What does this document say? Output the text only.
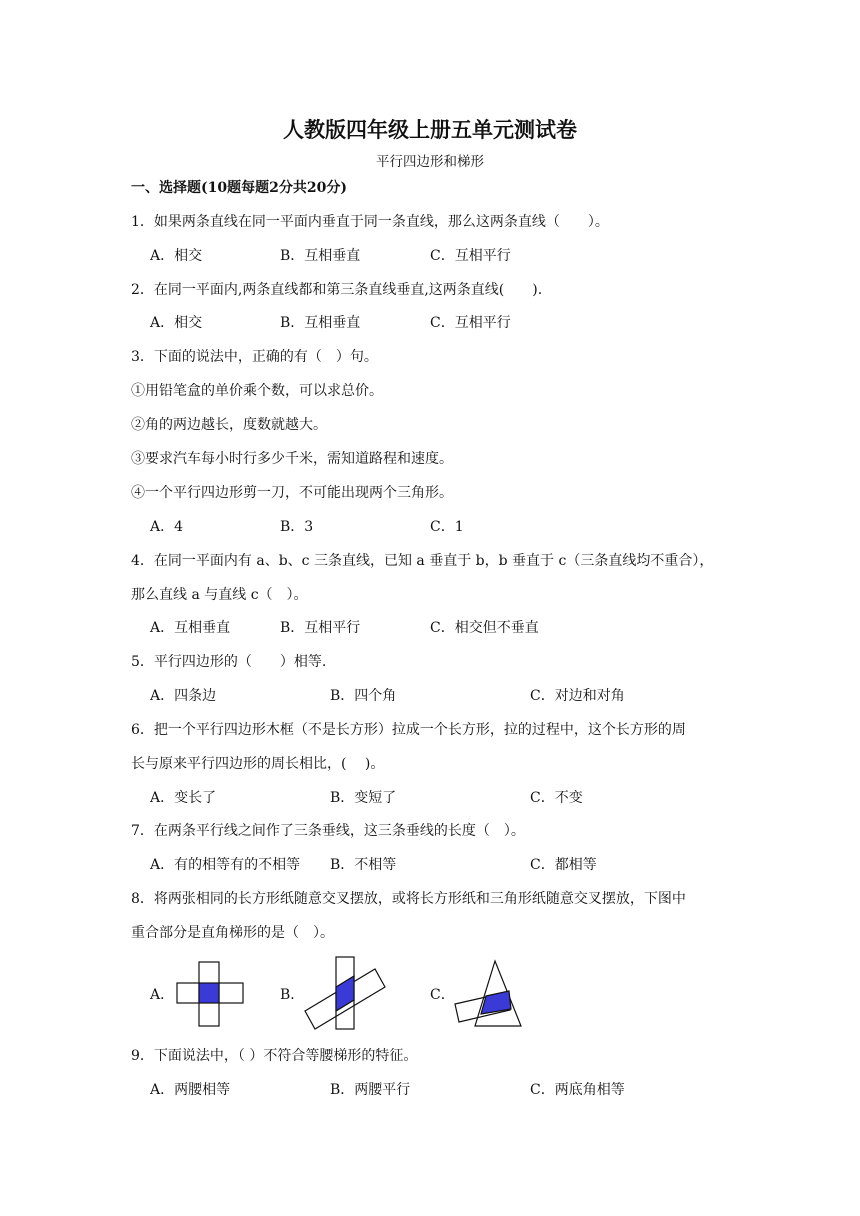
人教版四年级上册五单元测试卷
平行四边形和梯形
一、选择题(10题每题2分共20分)
1．如果两条直线在同一平面内垂直于同一条直线，那么这两条直线（　　）。
A．相交	B．互相垂直	C．互相平行
2．在同一平面内,两条直线都和第三条直线垂直,这两条直线(　　).
A．相交	B．互相垂直	C．互相平行
3．下面的说法中，正确的有（　）句。
①用铅笔盒的单价乘个数，可以求总价。
②角的两边越长，度数就越大。
③要求汽车每小时行多少千米，需知道路程和速度。
④一个平行四边形剪一刀，不可能出现两个三角形。
A．4	B．3	C．1
4．在同一平面内有 a、b、c 三条直线，已知 a 垂直于 b，b 垂直于 c（三条直线均不重合），
那么直线 a 与直线 c（　）。
A．互相垂直	B．互相平行	C．相交但不垂直
5．平行四边形的（　　）相等.
A．四条边	B．四个角	C．对边和对角
6．把一个平行四边形木框（不是长方形）拉成一个长方形，拉的过程中，这个长方形的周
长与原来平行四边形的周长相比，(　 )。
A．变长了	B．变短了	C．不变
7．在两条平行线之间作了三条垂线，这三条垂线的长度（　）。
A．有的相等有的不相等 B．不相等	C．都相等
8．将两张相同的长方形纸随意交叉摆放，或将长方形纸和三角形纸随意交叉摆放，下图中
重合部分是直角梯形的是（　）。
A．	B．	C．
9．下面说法中，（ ）不符合等腰梯形的特征。
A．两腰相等	B．两腰平行	C．两底角相等
